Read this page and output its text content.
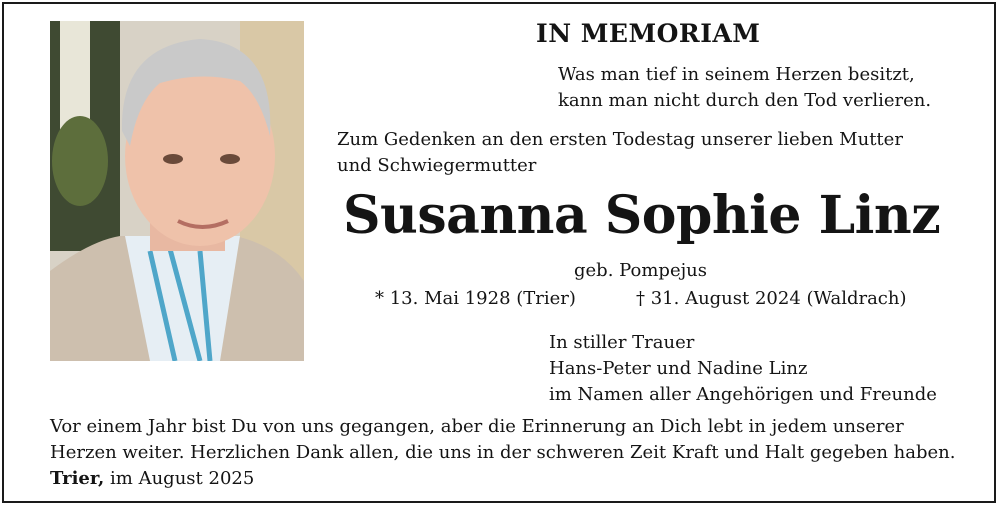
IN MEMORIAM
Was man tief in seinem Herzen besitzt,
kann man nicht durch den Tod verlieren.
Zum Gedenken an den ersten Todestag unserer lieben Mutter
und Schwiegermutter
Susanna Sophie Linz
geb. Pompejus
* 13. Mai 1928 (Trier)	† 31. August 2024 (Waldrach)
In stiller Trauer
Hans-Peter und Nadine Linz
im Namen aller Angehörigen und Freunde
Vor einem Jahr bist Du von uns gegangen, aber die Erinnerung an Dich lebt in jedem unserer
Herzen weiter. Herzlichen Dank allen, die uns in der schweren Zeit Kraft und Halt gegeben haben.
Trier, im August 2025
